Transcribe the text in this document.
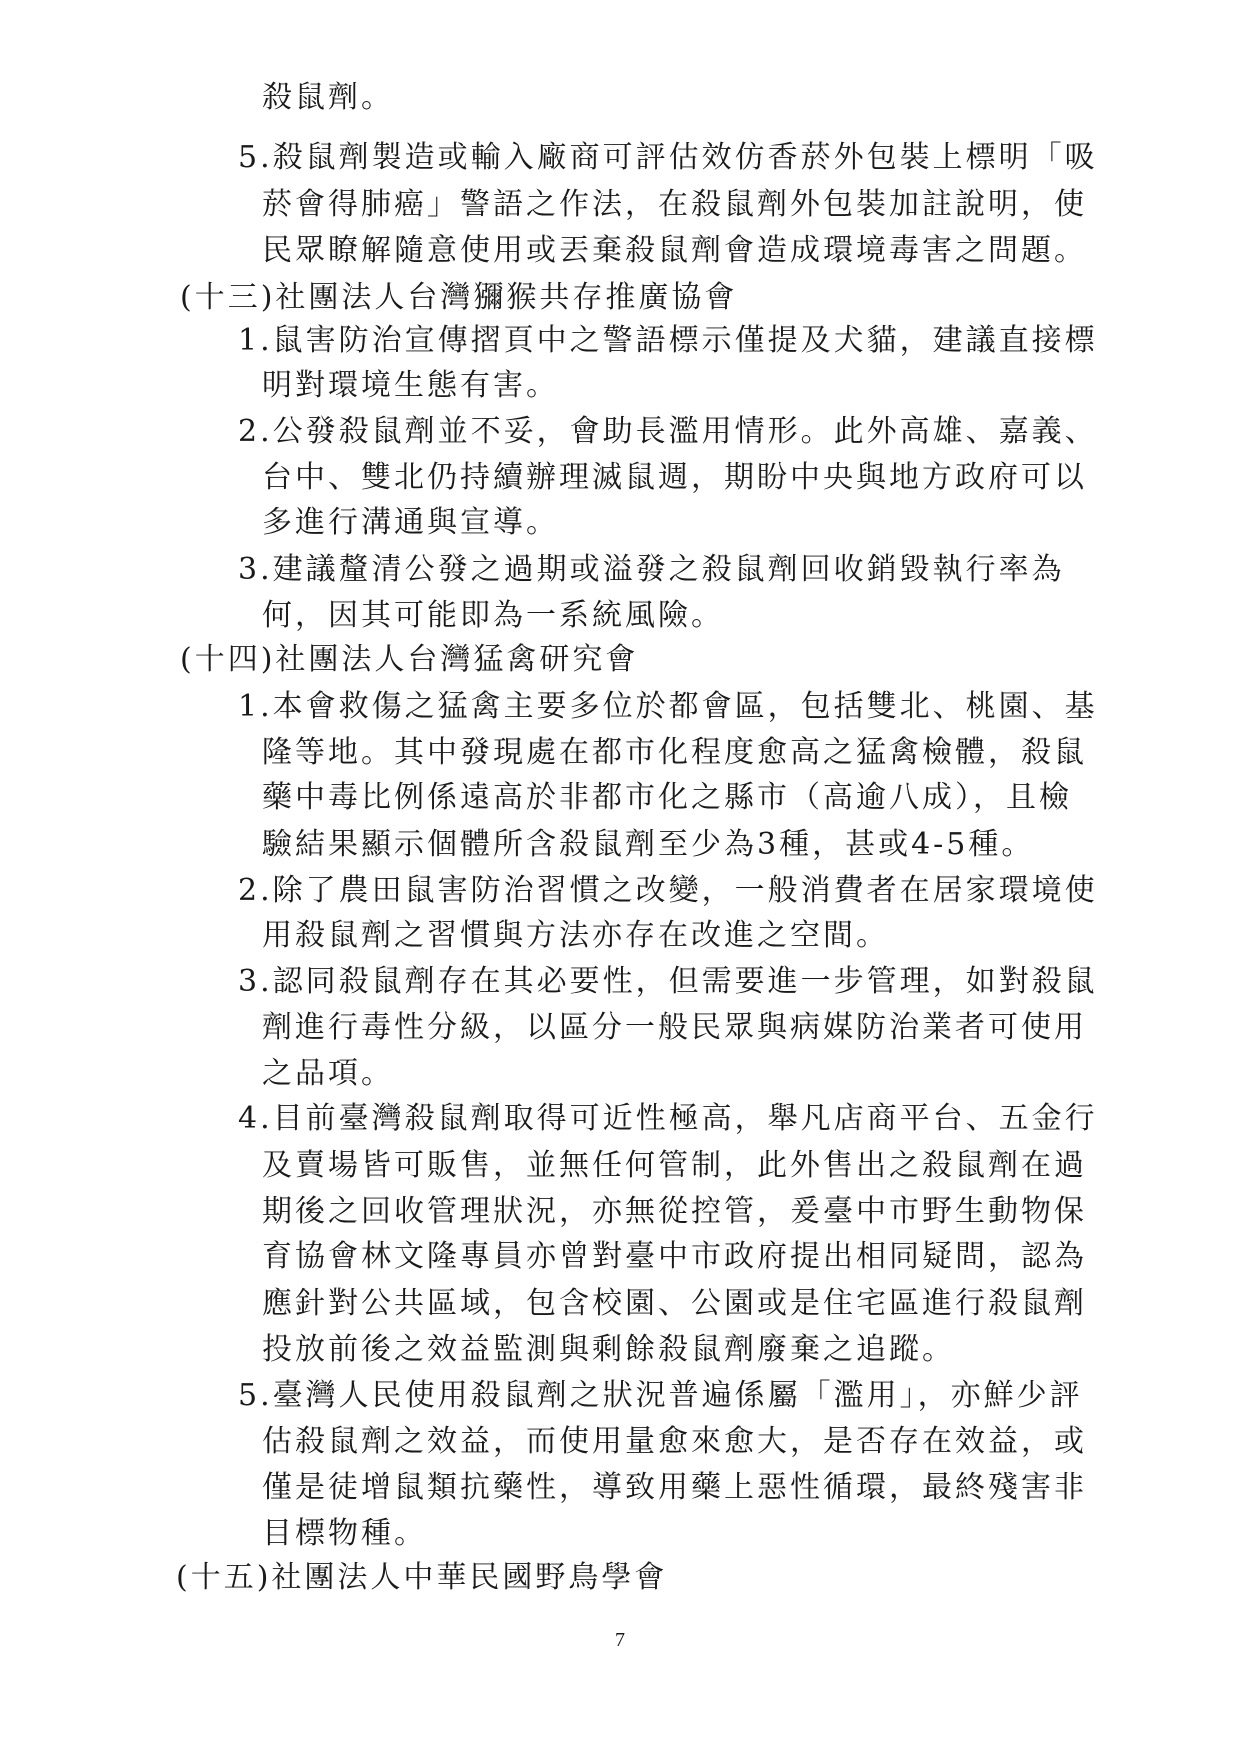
殺鼠劑。
5.殺鼠劑製造或輸入廠商可評估效仿香菸外包裝上標明「吸
菸會得肺癌」警語之作法，在殺鼠劑外包裝加註說明，使
民眾瞭解隨意使用或丟棄殺鼠劑會造成環境毒害之問題。
(十三)社團法人台灣獼猴共存推廣協會
1.鼠害防治宣傳摺頁中之警語標示僅提及犬貓，建議直接標
明對環境生態有害。
2.公發殺鼠劑並不妥，會助長濫用情形。此外高雄、嘉義、
台中、雙北仍持續辦理滅鼠週，期盼中央與地方政府可以
多進行溝通與宣導。
3.建議釐清公發之過期或溢發之殺鼠劑回收銷毀執行率為
何，因其可能即為一系統風險。
(十四)社團法人台灣猛禽研究會
1.本會救傷之猛禽主要多位於都會區，包括雙北、桃園、基
隆等地。其中發現處在都市化程度愈高之猛禽檢體，殺鼠
藥中毒比例係遠高於非都市化之縣市（高逾八成），且檢
驗結果顯示個體所含殺鼠劑至少為3種，甚或4-5種。
2.除了農田鼠害防治習慣之改變，一般消費者在居家環境使
用殺鼠劑之習慣與方法亦存在改進之空間。
3.認同殺鼠劑存在其必要性，但需要進一步管理，如對殺鼠
劑進行毒性分級，以區分一般民眾與病媒防治業者可使用
之品項。
4.目前臺灣殺鼠劑取得可近性極高，舉凡店商平台、五金行
及賣場皆可販售，並無任何管制，此外售出之殺鼠劑在過
期後之回收管理狀況，亦無從控管，爰臺中市野生動物保
育協會林文隆專員亦曾對臺中市政府提出相同疑問，認為
應針對公共區域，包含校園、公園或是住宅區進行殺鼠劑
投放前後之效益監測與剩餘殺鼠劑廢棄之追蹤。
5.臺灣人民使用殺鼠劑之狀況普遍係屬「濫用」，亦鮮少評
估殺鼠劑之效益，而使用量愈來愈大，是否存在效益，或
僅是徒增鼠類抗藥性，導致用藥上惡性循環，最終殘害非
目標物種。
(十五)社團法人中華民國野鳥學會
7
